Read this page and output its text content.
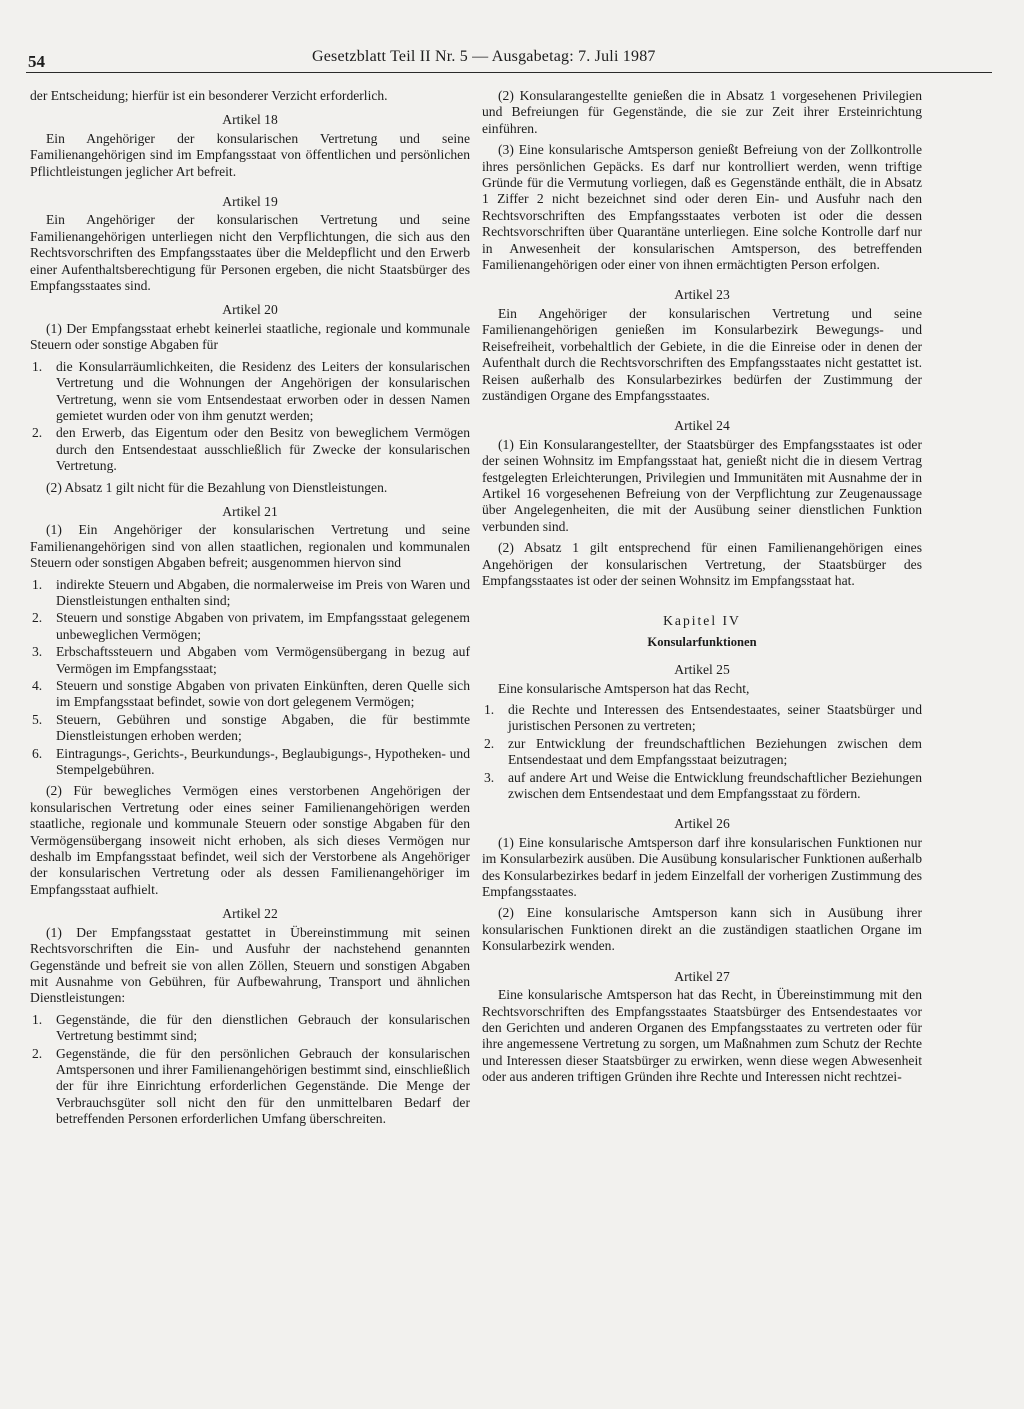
54	Gesetzblatt Teil II Nr. 5 — Ausgabetag: 7. Juli 1987

der Entscheidung; hierfür ist ein besonderer Verzicht erforderlich.

Artikel 18

Ein Angehöriger der konsularischen Vertretung und seine Familienangehörigen sind im Empfangsstaat von öffentlichen und persönlichen Pflichtleistungen jeglicher Art befreit.

Artikel 19

Ein Angehöriger der konsularischen Vertretung und seine Familienangehörigen unterliegen nicht den Verpflichtungen, die sich aus den Rechtsvorschriften des Empfangsstaates über die Meldepflicht und den Erwerb einer Aufenthaltsberechtigung für Personen ergeben, die nicht Staatsbürger des Empfangsstaates sind.

Artikel 20

(1) Der Empfangsstaat erhebt keinerlei staatliche, regionale und kommunale Steuern oder sonstige Abgaben für

1.	die Konsularräumlichkeiten, die Residenz des Leiters der konsularischen Vertretung und die Wohnungen der Angehörigen der konsularischen Vertretung, wenn sie vom Entsendestaat erworben oder in dessen Namen gemietet wurden oder von ihm genutzt werden;
2.	den Erwerb, das Eigentum oder den Besitz von beweglichem Vermögen durch den Entsendestaat ausschließlich für Zwecke der konsularischen Vertretung.

(2) Absatz 1 gilt nicht für die Bezahlung von Dienstleistungen.

Artikel 21

(1) Ein Angehöriger der konsularischen Vertretung und seine Familienangehörigen sind von allen staatlichen, regionalen und kommunalen Steuern oder sonstigen Abgaben befreit; ausgenommen hiervon sind

1.	indirekte Steuern und Abgaben, die normalerweise im Preis von Waren und Dienstleistungen enthalten sind;
2.	Steuern und sonstige Abgaben von privatem, im Empfangsstaat gelegenem unbeweglichen Vermögen;
3.	Erbschaftssteuern und Abgaben vom Vermögensübergang in bezug auf Vermögen im Empfangsstaat;
4.	Steuern und sonstige Abgaben von privaten Einkünften, deren Quelle sich im Empfangsstaat befindet, sowie von dort gelegenem Vermögen;
5.	Steuern, Gebühren und sonstige Abgaben, die für bestimmte Dienstleistungen erhoben werden;
6.	Eintragungs-, Gerichts-, Beurkundungs-, Beglaubigungs-, Hypotheken- und Stempelgebühren.

(2) Für bewegliches Vermögen eines verstorbenen Angehörigen der konsularischen Vertretung oder eines seiner Familienangehörigen werden staatliche, regionale und kommunale Steuern oder sonstige Abgaben für den Vermögensübergang insoweit nicht erhoben, als sich dieses Vermögen nur deshalb im Empfangsstaat befindet, weil sich der Verstorbene als Angehöriger der konsularischen Vertretung oder als dessen Familienangehöriger im Empfangsstaat aufhielt.

Artikel 22

(1) Der Empfangsstaat gestattet in Übereinstimmung mit seinen Rechtsvorschriften die Ein- und Ausfuhr der nachstehend genannten Gegenstände und befreit sie von allen Zöllen, Steuern und sonstigen Abgaben mit Ausnahme von Gebühren, für Aufbewahrung, Transport und ähnlichen Dienstleistungen:

1.	Gegenstände, die für den dienstlichen Gebrauch der konsularischen Vertretung bestimmt sind;
2.	Gegenstände, die für den persönlichen Gebrauch der konsularischen Amtspersonen und ihrer Familienangehörigen bestimmt sind, einschließlich der für ihre Einrichtung erforderlichen Gegenstände. Die Menge der Verbrauchsgüter soll nicht den für den unmittelbaren Bedarf der betreffenden Personen erforderlichen Umfang überschreiten.

(2) Konsularangestellte genießen die in Absatz 1 vorgesehenen Privilegien und Befreiungen für Gegenstände, die sie zur Zeit ihrer Ersteinrichtung einführen.

(3) Eine konsularische Amtsperson genießt Befreiung von der Zollkontrolle ihres persönlichen Gepäcks. Es darf nur kontrolliert werden, wenn triftige Gründe für die Vermutung vorliegen, daß es Gegenstände enthält, die in Absatz 1 Ziffer 2 nicht bezeichnet sind oder deren Ein- und Ausfuhr nach den Rechtsvorschriften des Empfangsstaates verboten ist oder die dessen Rechtsvorschriften über Quarantäne unterliegen. Eine solche Kontrolle darf nur in Anwesenheit der konsularischen Amtsperson, des betreffenden Familienangehörigen oder einer von ihnen ermächtigten Person erfolgen.

Artikel 23

Ein Angehöriger der konsularischen Vertretung und seine Familienangehörigen genießen im Konsularbezirk Bewegungs- und Reisefreiheit, vorbehaltlich der Gebiete, in die die Einreise oder in denen der Aufenthalt durch die Rechtsvorschriften des Empfangsstaates nicht gestattet ist. Reisen außerhalb des Konsularbezirkes bedürfen der Zustimmung der zuständigen Organe des Empfangsstaates.

Artikel 24

(1) Ein Konsularangestellter, der Staatsbürger des Empfangsstaates ist oder der seinen Wohnsitz im Empfangsstaat hat, genießt nicht die in diesem Vertrag festgelegten Erleichterungen, Privilegien und Immunitäten mit Ausnahme der in Artikel 16 vorgesehenen Befreiung von der Verpflichtung zur Zeugenaussage über Angelegenheiten, die mit der Ausübung seiner dienstlichen Funktion verbunden sind.

(2) Absatz 1 gilt entsprechend für einen Familienangehörigen eines Angehörigen der konsularischen Vertretung, der Staatsbürger des Empfangsstaates ist oder der seinen Wohnsitz im Empfangsstaat hat.

Kapitel IV
Konsularfunktionen
Artikel 25

Eine konsularische Amtsperson hat das Recht,

1.	die Rechte und Interessen des Entsendestaates, seiner Staatsbürger und juristischen Personen zu vertreten;
2.	zur Entwicklung der freundschaftlichen Beziehungen zwischen dem Entsendestaat und dem Empfangsstaat beizutragen;
3.	auf andere Art und Weise die Entwicklung freundschaftlicher Beziehungen zwischen dem Entsendestaat und dem Empfangsstaat zu fördern.
Artikel 26

(1) Eine konsularische Amtsperson darf ihre konsularischen Funktionen nur im Konsularbezirk ausüben. Die Ausübung konsularischer Funktionen außerhalb des Konsularbezirkes bedarf in jedem Einzelfall der vorherigen Zustimmung des Empfangsstaates.

(2) Eine konsularische Amtsperson kann sich in Ausübung ihrer konsularischen Funktionen direkt an die zuständigen staatlichen Organe im Konsularbezirk wenden.

Artikel 27

Eine konsularische Amtsperson hat das Recht, in Übereinstimmung mit den Rechtsvorschriften des Empfangsstaates Staatsbürger des Entsendestaates vor den Gerichten und anderen Organen des Empfangsstaates zu vertreten oder für ihre angemessene Vertretung zu sorgen, um Maßnahmen zum Schutz der Rechte und Interessen dieser Staatsbürger zu erwirken, wenn diese wegen Abwesenheit oder aus anderen triftigen Gründen ihre Rechte und Interessen nicht rechtzei-
